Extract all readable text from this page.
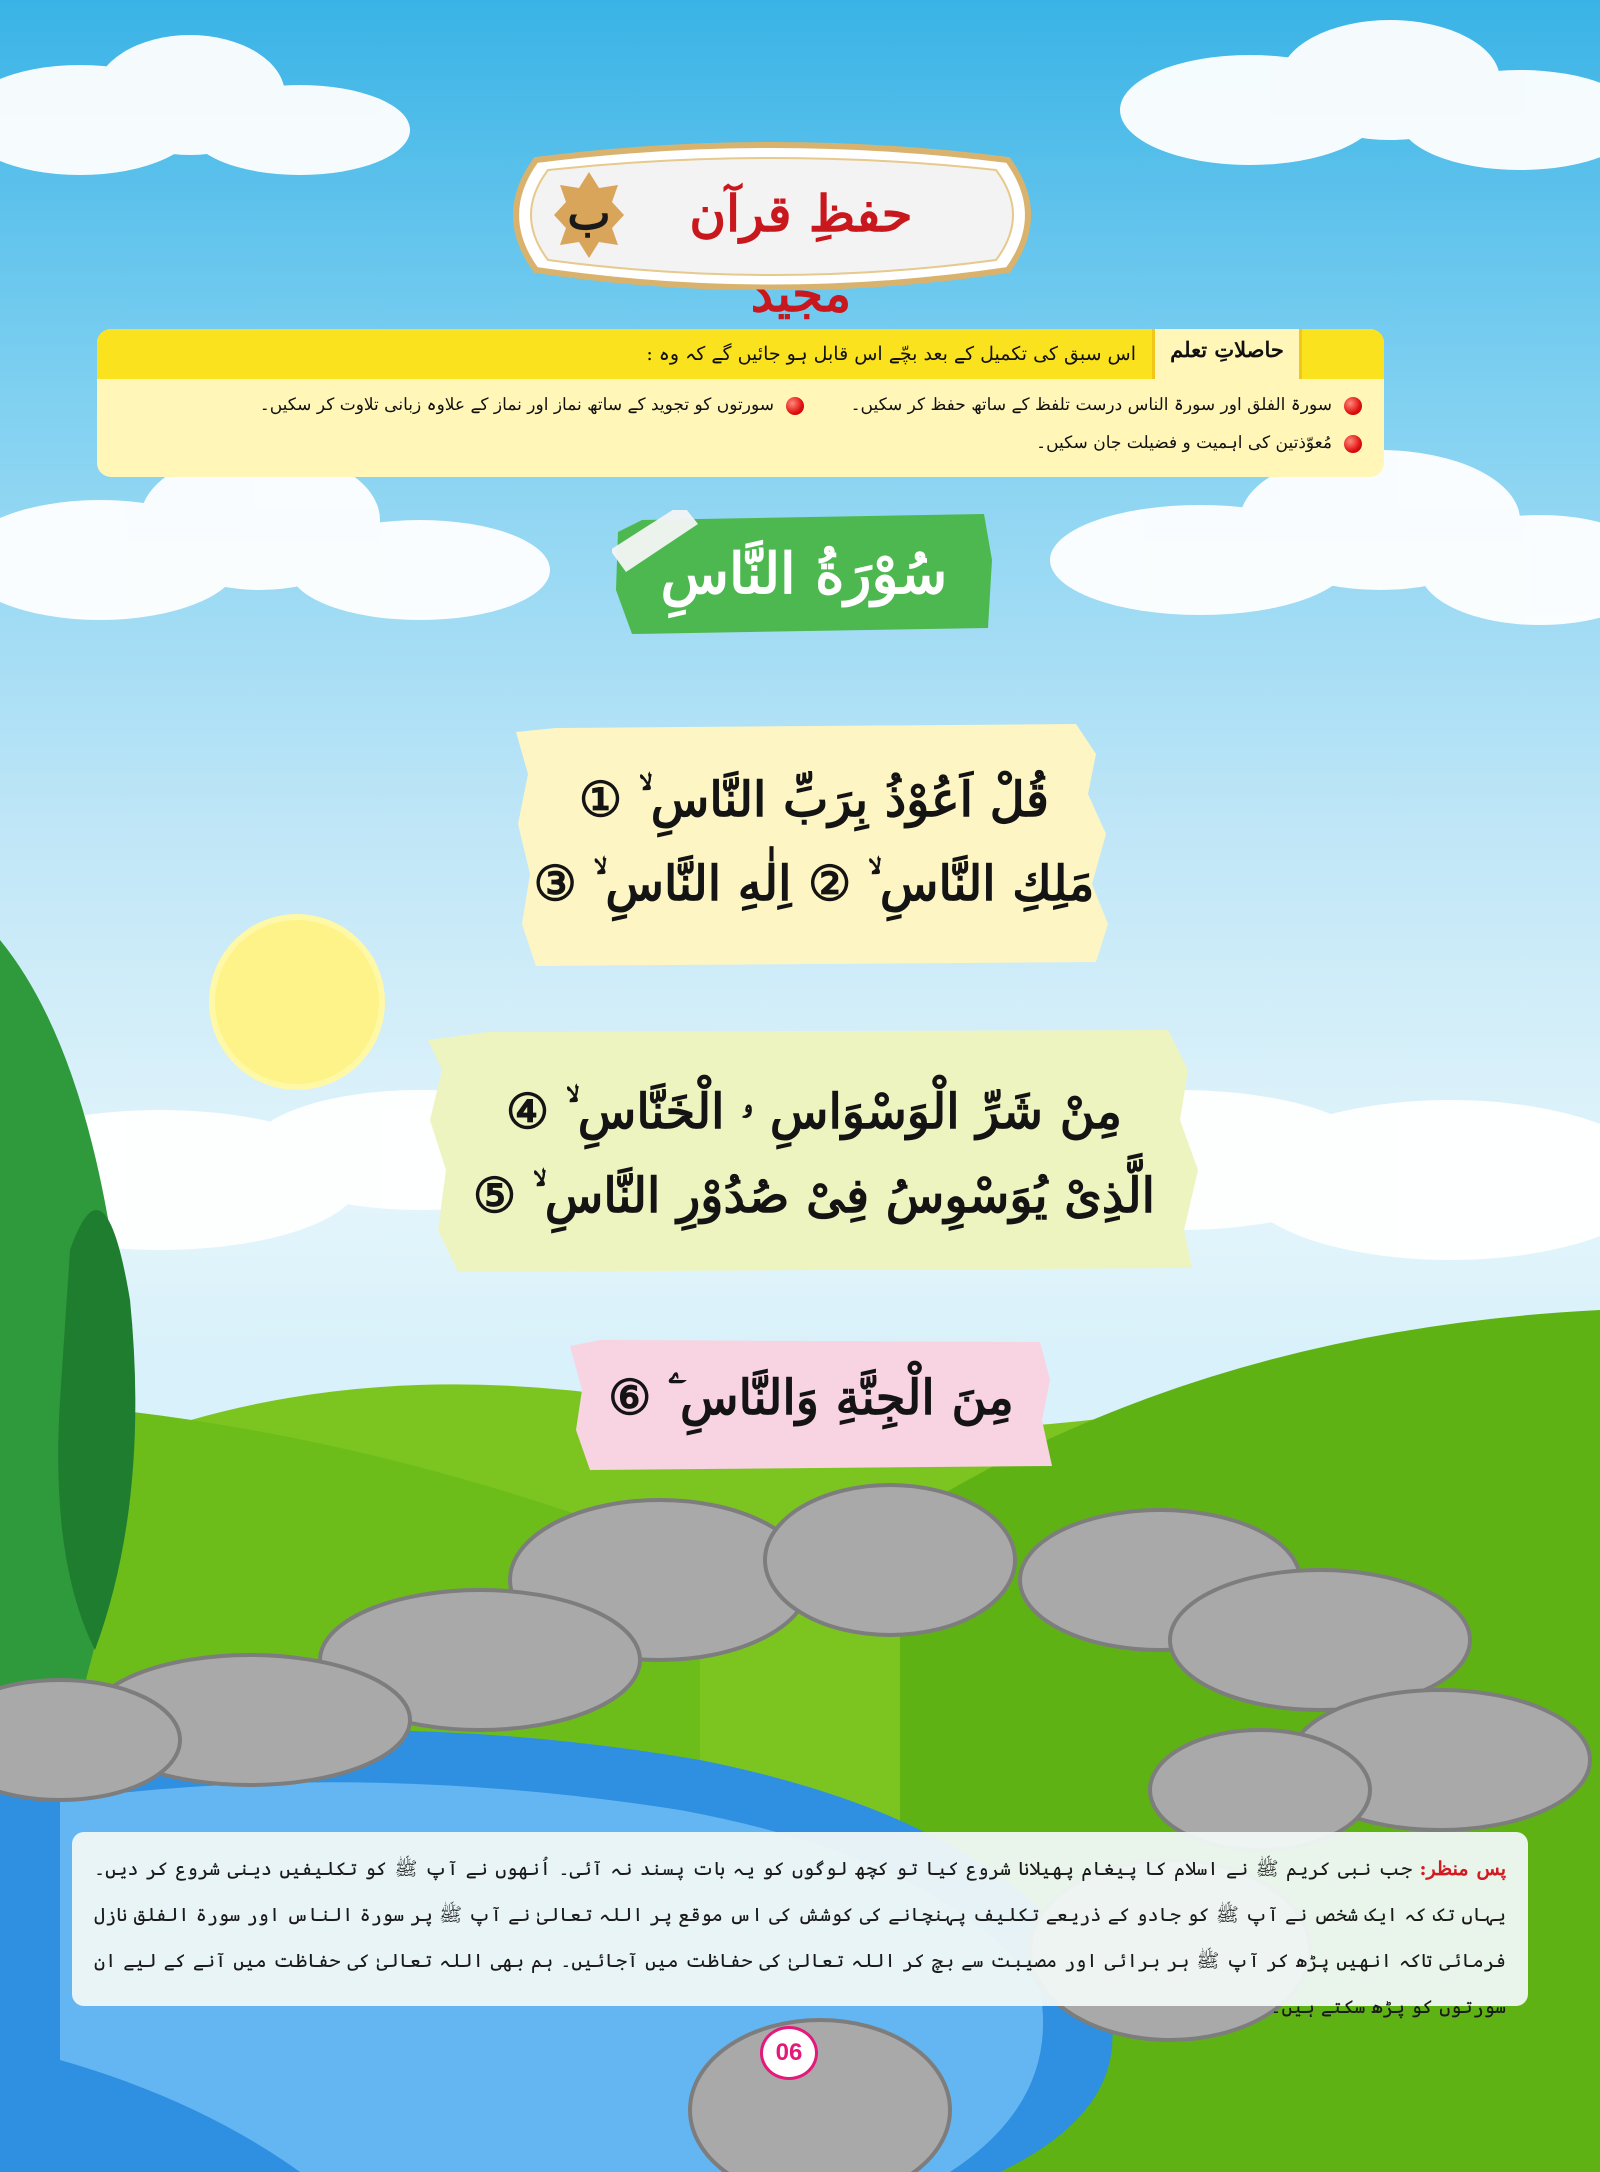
ب	حفظِ قرآن مجید
حاصلاتِ تعلم
اس سبق کی تکمیل کے بعد بچّے اس قابل ہو جائیں گے کہ وہ :
سورۃ الفلق اور سورۃ الناس درست تلفظ کے ساتھ حفظ کر سکیں۔
سورتوں کو تجوید کے ساتھ نماز اور نماز کے علاوہ زبانی تلاوت کر سکیں۔
مُعوّذتین کی اہمیت و فضیلت جان سکیں۔
سُوْرَةُ النَّاسِ
قُلْ اَعُوْذُ بِرَبِّ النَّاسِ ۙ ①
مَلِكِ النَّاسِ ۙ ② اِلٰهِ النَّاسِ ۙ ③
مِنْ شَرِّ الْوَسْوَاسِ ۥ الْخَنَّاسِ ۙ ④
الَّذِىْ يُوَسْوِسُ فِىْ صُدُوْرِ النَّاسِ ۙ ⑤
مِنَ الْجِنَّةِ وَالنَّاسِ ۧ ⑥
پس منظر: جب نبی کریم ﷺ نے اسلام کا پیغام پھیلانا شروع کیا تو کچھ لوگوں کو یہ بات پسند نہ آئی۔ اُنھوں نے آپ ﷺ کو تکلیفیں دینی شروع کر دیں۔ یہاں تک کہ ایک شخص نے آپ ﷺ کو جادو کے ذریعے تکلیف پہنچانے کی کوشش کی اس موقع پر اللہ تعالیٰ نے آپ ﷺ پر سورۃ الناس اور سورۃ الفلق نازل فرمائی تاکہ انھیں پڑھ کر آپ ﷺ ہر برائی اور مصیبت سے بچ کر اللہ تعالیٰ کی حفاظت میں آجائیں۔ ہم بھی اللہ تعالیٰ کی حفاظت میں آنے کے لیے ان سورتوں کو پڑھ سکتے ہیں۔
06
